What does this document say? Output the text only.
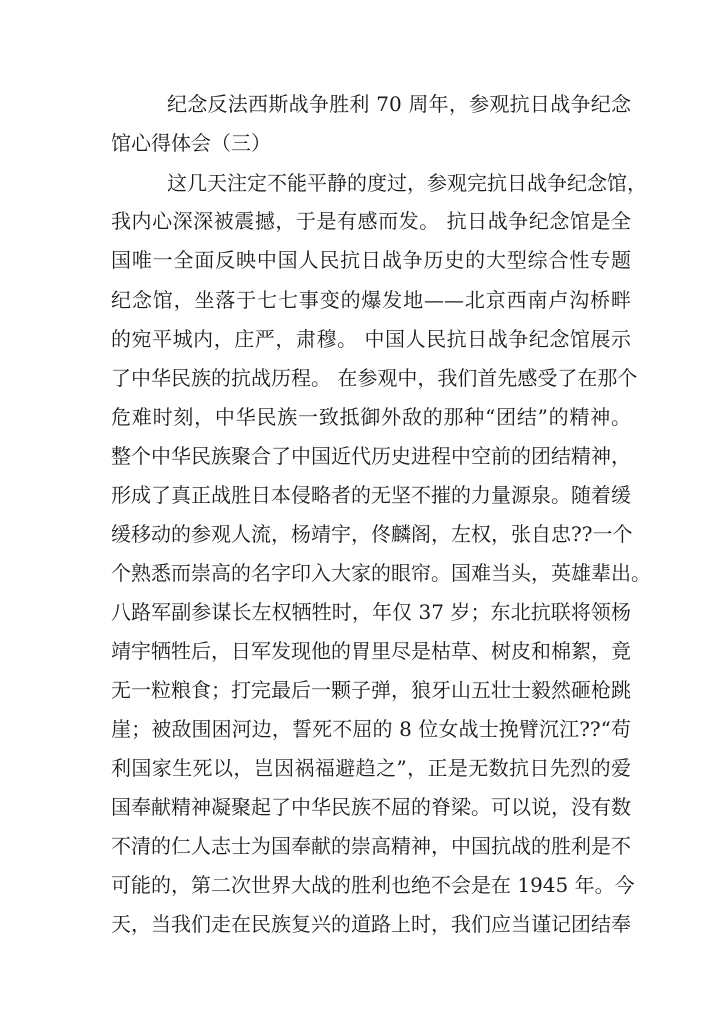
纪念反法西斯战争胜利 70 周年，参观抗日战争纪念
馆心得体会（三）
这几天注定不能平静的度过，参观完抗日战争纪念馆，
我内心深深被震撼，于是有感而发。 抗日战争纪念馆是全
国唯一全面反映中国人民抗日战争历史的大型综合性专题
纪念馆，坐落于七七事变的爆发地——北京西南卢沟桥畔
的宛平城内，庄严，肃穆。 中国人民抗日战争纪念馆展示
了中华民族的抗战历程。 在参观中，我们首先感受了在那个
危难时刻，中华民族一致抵御外敌的那种“团结”的精神。
整个中华民族聚合了中国近代历史进程中空前的团结精神，
形成了真正战胜日本侵略者的无坚不摧的力量源泉。随着缓
缓移动的参观人流，杨靖宇，佟麟阁，左权，张自忠??一个
个熟悉而崇高的名字印入大家的眼帘。国难当头，英雄辈出。
八路军副参谋长左权牺牲时，年仅 37 岁；东北抗联将领杨
靖宇牺牲后，日军发现他的胃里尽是枯草、树皮和棉絮，竟
无一粒粮食；打完最后一颗子弹，狼牙山五壮士毅然砸枪跳
崖；被敌围困河边，誓死不屈的 8 位女战士挽臂沉江??“苟
利国家生死以，岂因祸福避趋之”，正是无数抗日先烈的爱
国奉献精神凝聚起了中华民族不屈的脊梁。可以说，没有数
不清的仁人志士为国奉献的崇高精神，中国抗战的胜利是不
可能的，第二次世界大战的胜利也绝不会是在 1945 年。今
天，当我们走在民族复兴的道路上时，我们应当谨记团结奉
